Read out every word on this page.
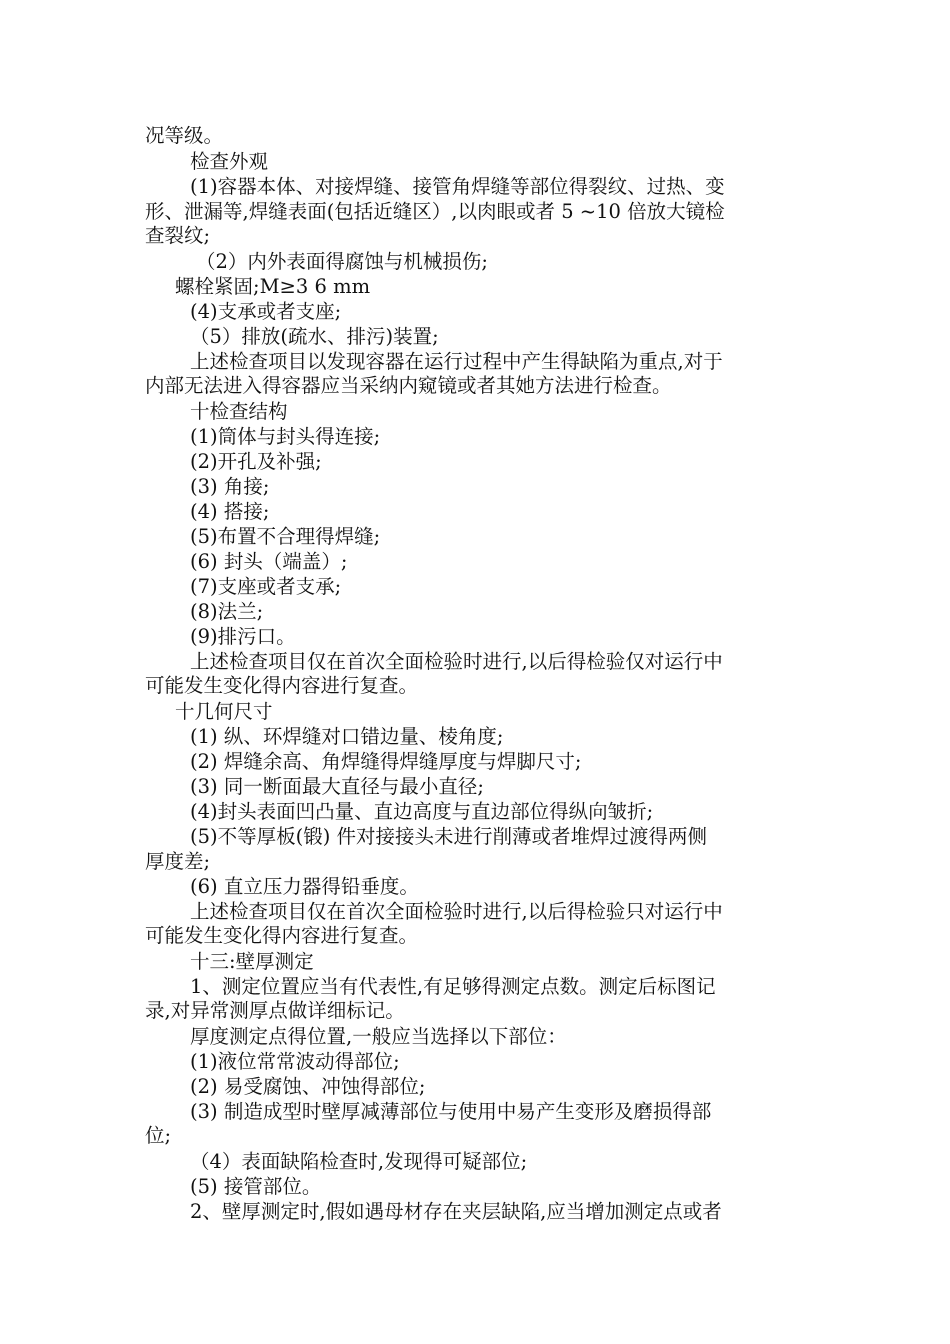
况等级。
检查外观
(1)容器本体、对接焊缝、接管角焊缝等部位得裂纹、过热、变
形、泄漏等,焊缝表面(包括近缝区）,以肉眼或者 5 ~10 倍放大镜检
查裂纹;
（2）内外表面得腐蚀与机械损伤;
螺栓紧固;M≥3 6 mm
(4)支承或者支座;
（5）排放(疏水、排污)装置;
上述检查项目以发现容器在运行过程中产生得缺陷为重点,对于
内部无法进入得容器应当采纳内窥镜或者其她方法进行检查。
十检查结构
(1)筒体与封头得连接;
(2)开孔及补强;
(3) 角接;
(4) 搭接;
(5)布置不合理得焊缝;
(6) 封头（端盖）;
(7)支座或者支承;
(8)法兰;
(9)排污口。
上述检查项目仅在首次全面检验时进行,以后得检验仅对运行中
可能发生变化得内容进行复查。
十几何尺寸
(1) 纵、环焊缝对口错边量、棱角度;
(2) 焊缝余高、角焊缝得焊缝厚度与焊脚尺寸;
(3) 同一断面最大直径与最小直径;
(4)封头表面凹凸量、直边高度与直边部位得纵向皱折;
(5)不等厚板(锻) 件对接接头未进行削薄或者堆焊过渡得两侧
厚度差;
(6) 直立压力器得铅垂度。
上述检查项目仅在首次全面检验时进行,以后得检验只对运行中
可能发生变化得内容进行复查。
十三:壁厚测定
1、测定位置应当有代表性,有足够得测定点数。测定后标图记
录,对异常测厚点做详细标记。
厚度测定点得位置,一般应当选择以下部位：
(1)液位常常波动得部位;
(2) 易受腐蚀、冲蚀得部位;
(3) 制造成型时壁厚减薄部位与使用中易产生变形及磨损得部
位;
（4）表面缺陷检查时,发现得可疑部位;
(5) 接管部位。
2、壁厚测定时,假如遇母材存在夹层缺陷,应当增加测定点或者
